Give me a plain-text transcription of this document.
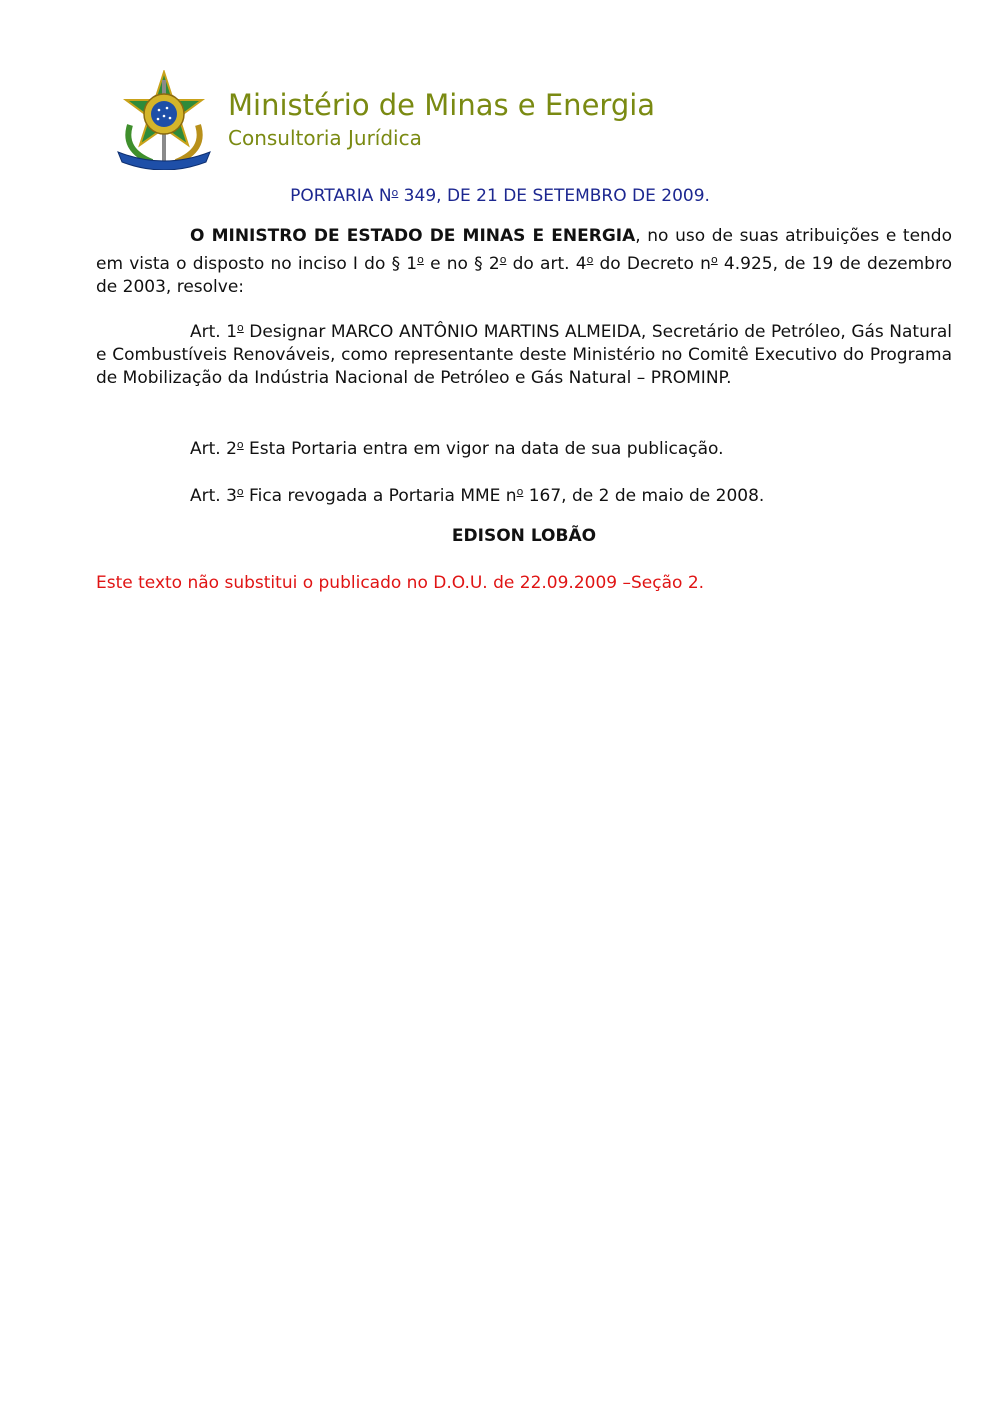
Ministério de Minas e Energia
Consultoria Jurídica
PORTARIA $N^o$ 349, DE 21 DE SETEMBRO DE 2009.

O MINISTRO DE ESTADO DE MINAS E ENERGIA, no uso de suas atribuições e tendo em vista o disposto no inciso I do § 1$^o$ e no § 2$^o$ do art. 4$^o$ do Decreto $n^o$ 4.925, de 19 de dezembro de 2003, resolve:

Art. 1$^o$ Designar MARCO ANTÔNIO MARTINS ALMEIDA, Secretário de Petróleo, Gás Natural e Combustíveis Renováveis, como representante deste Ministério no Comitê Executivo do Programa de Mobilização da Indústria Nacional de Petróleo e Gás Natural – PROMINP.

Art. 2$^o$ Esta Portaria entra em vigor na data de sua publicação.

Art. 3$^o$ Fica revogada a Portaria MME $n^o$ 167, de 2 de maio de 2008.

EDISON LOBÃO
Este texto não substitui o publicado no D.O.U. de 22.09.2009 –Seção 2.
